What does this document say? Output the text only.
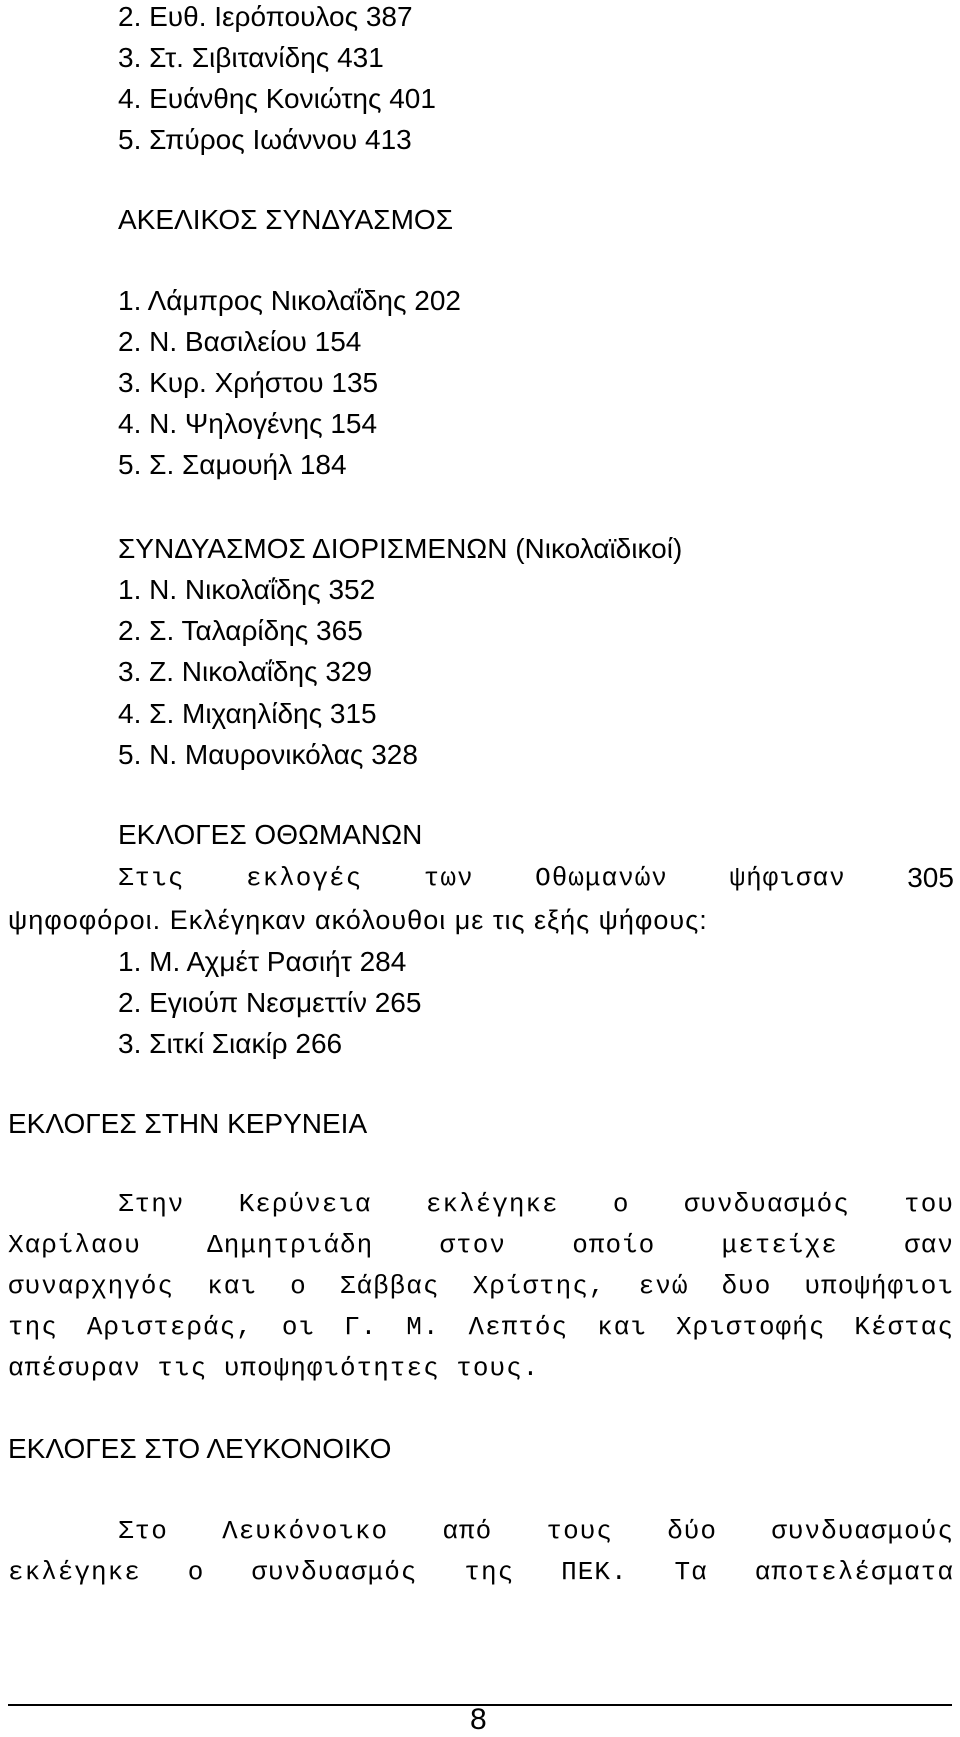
2. Ευθ. Ιερόπουλος 387
3. Στ. Σιβιτανίδης 431
4. Ευάνθης Κονιώτης 401
5. Σπύρος Ιωάννου 413
ΑΚΕΛΙΚΟΣ ΣΥΝΔΥΑΣΜΟΣ
1. Λάμπρος Νικολαΐδης 202
2. Ν. Βασιλείου 154
3. Κυρ. Χρήστου 135
4. Ν. Ψηλογένης 154
5. Σ. Σαμουήλ 184
ΣΥΝΔΥΑΣΜΟΣ ΔΙΟΡΙΣΜΕΝΩΝ (Νικολαϊδικοί)
1. Ν. Νικολαΐδης 352
2. Σ. Ταλαρίδης 365
3. Ζ. Νικολαΐδης 329
4. Σ. Μιχαηλίδης 315
5. Ν. Μαυρονικόλας 328
ΕΚΛΟΓΕΣ ΟΘΩΜΑΝΩΝ
Στις εκλογές των Οθωμανών ψήφισαν 305
ψηφοφόροι. Εκλέγηκαν ακόλουθοι με τις εξής ψήφους:
1. Μ. Αχμέτ Ρασιήτ 284
2. Εγιούπ Νεσμεττίν 265
3. Σιτκί Σιακίρ 266
ΕΚΛΟΓΕΣ ΣΤΗΝ ΚΕΡΥΝΕΙΑ
Στην Κερύνεια εκλέγηκε ο συνδυασμός του
Χαρίλαου	Δημητριάδη	στον	οποίο	μετείχε	σαν
συναρχηγός και ο Σάββας Χρίστης, ενώ δυο υποψήφιοι
της Αριστεράς, οι Γ. Μ. Λεπτός και Χριστοφής Κέστας
απέσυραν τις υποψηφιότητες τους.
ΕΚΛΟΓΕΣ ΣΤΟ ΛΕΥΚΟΝΟΙΚΟ
Στο Λευκόνοικο από τους δύο συνδυασμούς
εκλέγηκε ο συνδυασμός της ΠΕΚ. Τα αποτελέσματα
8
